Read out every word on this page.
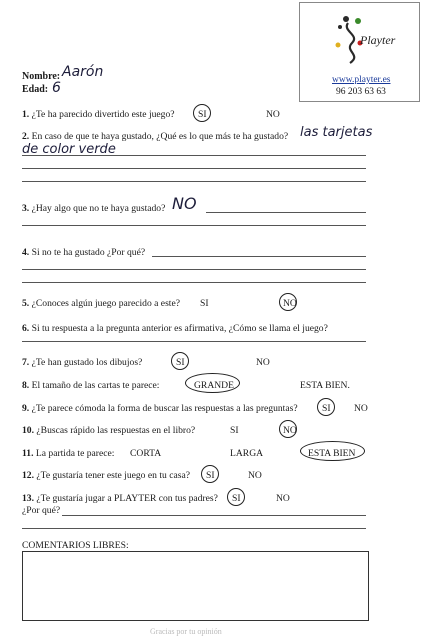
Playter
www.playter.es
96 203 63 63
Nombre: Aarón
Edad: 6
1. ¿Te ha parecido divertido este juego? SI	NO
2. En caso de que te haya gustado, ¿Qué es lo que más te ha gustado? las tarjetas
de color verde
3. ¿Hay algo que no te haya gustado? NO
4. Si no te ha gustado ¿Por qué?
5. ¿Conoces algún juego parecido a este? SI	NO
6. Si tu respuesta a la pregunta anterior es afirmativa, ¿Cómo se llama el juego?
7. ¿Te han gustado los dibujos?	SI	NO
8. El tamaño de las cartas te parece:	GRANDE	ESTA BIEN.
9. ¿Te parece cómoda la forma de buscar las respuestas a las preguntas?	SI NO
10. ¿Buscas rápido las respuestas en el libro?	SI	NO
11. La partida te parece: CORTA	LARGA	ESTA BIEN
12. ¿Te gustaría tener este juego en tu casa? SI	NO
13. ¿Te gustaría jugar a PLAYTER con tus padres? SI	NO
¿Por qué?
COMENTARIOS LIBRES:
Gracias por tu opinión
